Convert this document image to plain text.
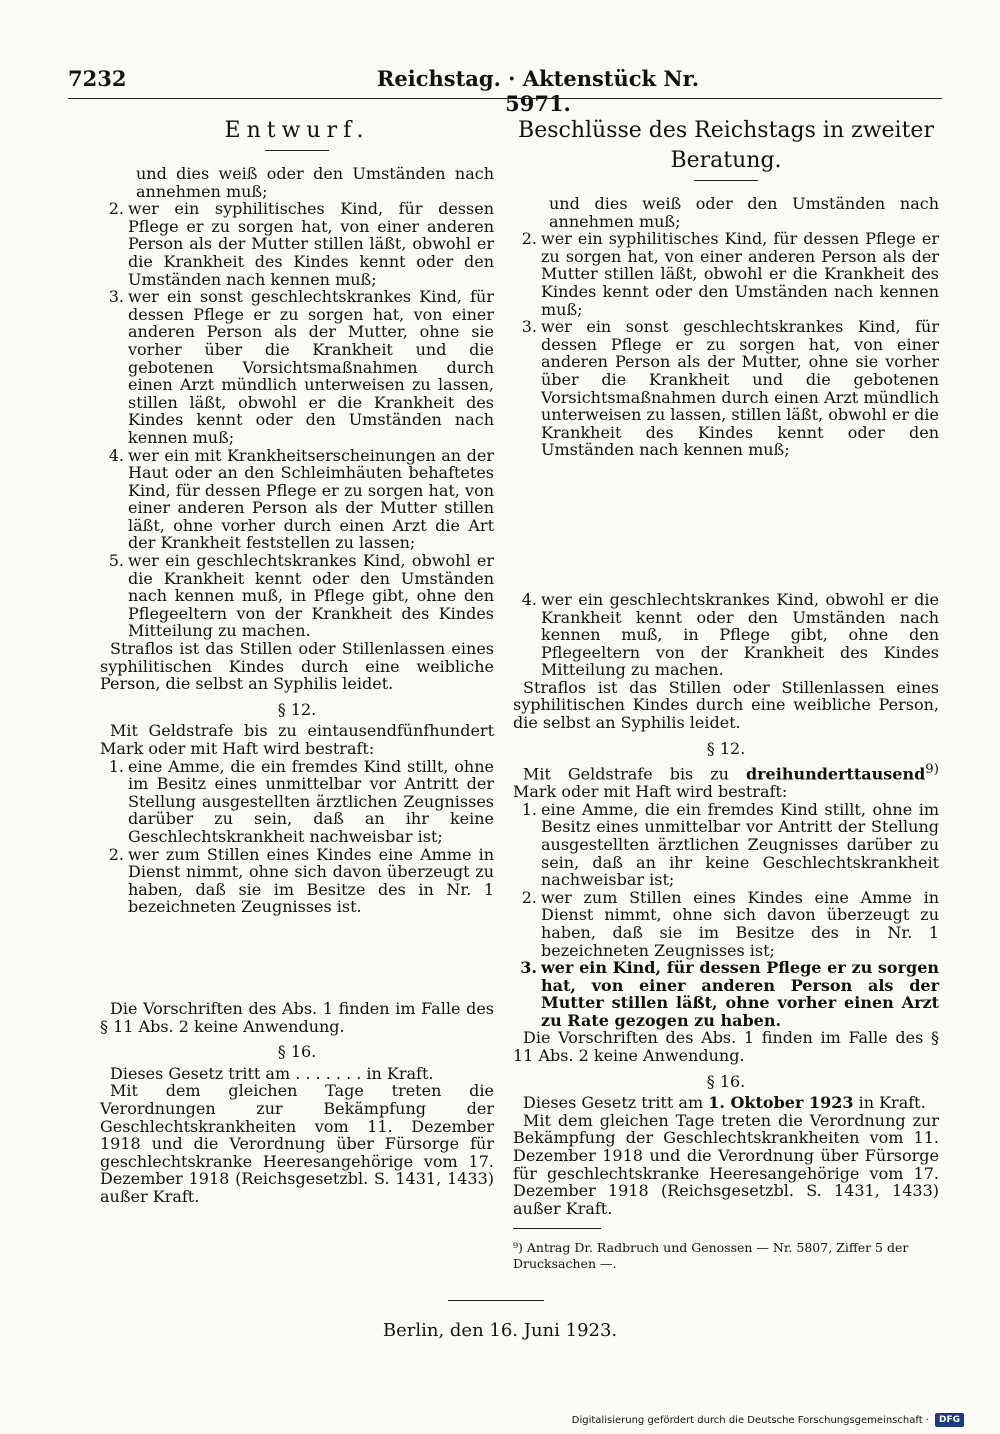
7232	Reichstag. · Aktenstück Nr. 5971.
Entwurf.

und dies weiß oder den Umständen nach annehmen muß;

2. wer ein syphilitisches Kind, für dessen Pflege er zu sorgen hat, von einer anderen Person als der Mutter stillen läßt, obwohl er die Krankheit des Kindes kennt oder den Umständen nach kennen muß;
3. wer ein sonst geschlechtskrankes Kind, für dessen Pflege er zu sorgen hat, von einer anderen Person als der Mutter, ohne sie vorher über die Krankheit und die gebotenen Vorsichtsmaßnahmen durch einen Arzt mündlich unterweisen zu lassen, stillen läßt, obwohl er die Krankheit des Kindes kennt oder den Umständen nach kennen muß;
4. wer ein mit Krankheitserscheinungen an der Haut oder an den Schleimhäuten behaftetes Kind, für dessen Pflege er zu sorgen hat, von einer anderen Person als der Mutter stillen läßt, ohne vorher durch einen Arzt die Art der Krankheit feststellen zu lassen;
5. wer ein geschlechtskrankes Kind, obwohl er die Krankheit kennt oder den Umständen nach kennen muß, in Pflege gibt, ohne den Pflegeeltern von der Krankheit des Kindes Mitteilung zu machen.

Straflos ist das Stillen oder Stillenlassen eines syphilitischen Kindes durch eine weibliche Person, die selbst an Syphilis leidet.

§ 12.

Mit Geldstrafe bis zu eintausendfünfhundert Mark oder mit Haft wird bestraft:

1. eine Amme, die ein fremdes Kind stillt, ohne im Besitz eines unmittelbar vor Antritt der Stellung ausgestellten ärztlichen Zeugnisses darüber zu sein, daß an ihr keine Geschlechtskrankheit nachweisbar ist;
2. wer zum Stillen eines Kindes eine Amme in Dienst nimmt, ohne sich davon überzeugt zu haben, daß sie im Besitze des in Nr. 1 bezeichneten Zeugnisses ist.

Die Vorschriften des Abs. 1 finden im Falle des § 11 Abs. 2 keine Anwendung.

§ 16.

Dieses Gesetz tritt am . . . . . . . in Kraft.

Mit dem gleichen Tage treten die Verordnungen zur Bekämpfung der Geschlechtskrankheiten vom 11. Dezember 1918 und die Verordnung über Fürsorge für geschlechtskranke Heeresangehörige vom 17. Dezember 1918 (Reichsgesetzbl. S. 1431, 1433) außer Kraft.

Beschlüsse des Reichstags in zweiter Beratung.

und dies weiß oder den Umständen nach annehmen muß;

2. wer ein syphilitisches Kind, für dessen Pflege er zu sorgen hat, von einer anderen Person als der Mutter stillen läßt, obwohl er die Krankheit des Kindes kennt oder den Umständen nach kennen muß;
3. wer ein sonst geschlechtskrankes Kind, für dessen Pflege er zu sorgen hat, von einer anderen Person als der Mutter, ohne sie vorher über die Krankheit und die gebotenen Vorsichtsmaßnahmen durch einen Arzt mündlich unterweisen zu lassen, stillen läßt, obwohl er die Krankheit des Kindes kennt oder den Umständen nach kennen muß;
4. wer ein geschlechtskrankes Kind, obwohl er die Krankheit kennt oder den Umständen nach kennen muß, in Pflege gibt, ohne den Pflegeeltern von der Krankheit des Kindes Mitteilung zu machen.

Straflos ist das Stillen oder Stillenlassen eines syphilitischen Kindes durch eine weibliche Person, die selbst an Syphilis leidet.

§ 12.

Mit Geldstrafe bis zu dreihunderttausend$^{9)}$ Mark oder mit Haft wird bestraft:

1. eine Amme, die ein fremdes Kind stillt, ohne im Besitz eines unmittelbar vor Antritt der Stellung ausgestellten ärztlichen Zeugnisses darüber zu sein, daß an ihr keine Geschlechtskrankheit nachweisbar ist;
2. wer zum Stillen eines Kindes eine Amme in Dienst nimmt, ohne sich davon überzeugt zu haben, daß sie im Besitze des in Nr. 1 bezeichneten Zeugnisses ist;
3. wer ein Kind, für dessen Pflege er zu sorgen hat, von einer anderen Person als der Mutter stillen läßt, ohne vorher einen Arzt zu Rate gezogen zu haben.

Die Vorschriften des Abs. 1 finden im Falle des § 11 Abs. 2 keine Anwendung.

§ 16.

Dieses Gesetz tritt am 1. Oktober 1923 in Kraft.

Mit dem gleichen Tage treten die Verordnung zur Bekämpfung der Geschlechtskrankheiten vom 11. Dezember 1918 und die Verordnung über Fürsorge für geschlechtskranke Heeresangehörige vom 17. Dezember 1918 (Reichsgesetzbl. S. 1431, 1433) außer Kraft.

⁹) Antrag Dr. Radbruch und Genossen — Nr. 5807, Ziffer 5 der Drucksachen —.
Berlin, den 16. Juni 1923.
Digitalisierung gefördert durch die Deutsche Forschungsgemeinschaft ·	DFG
